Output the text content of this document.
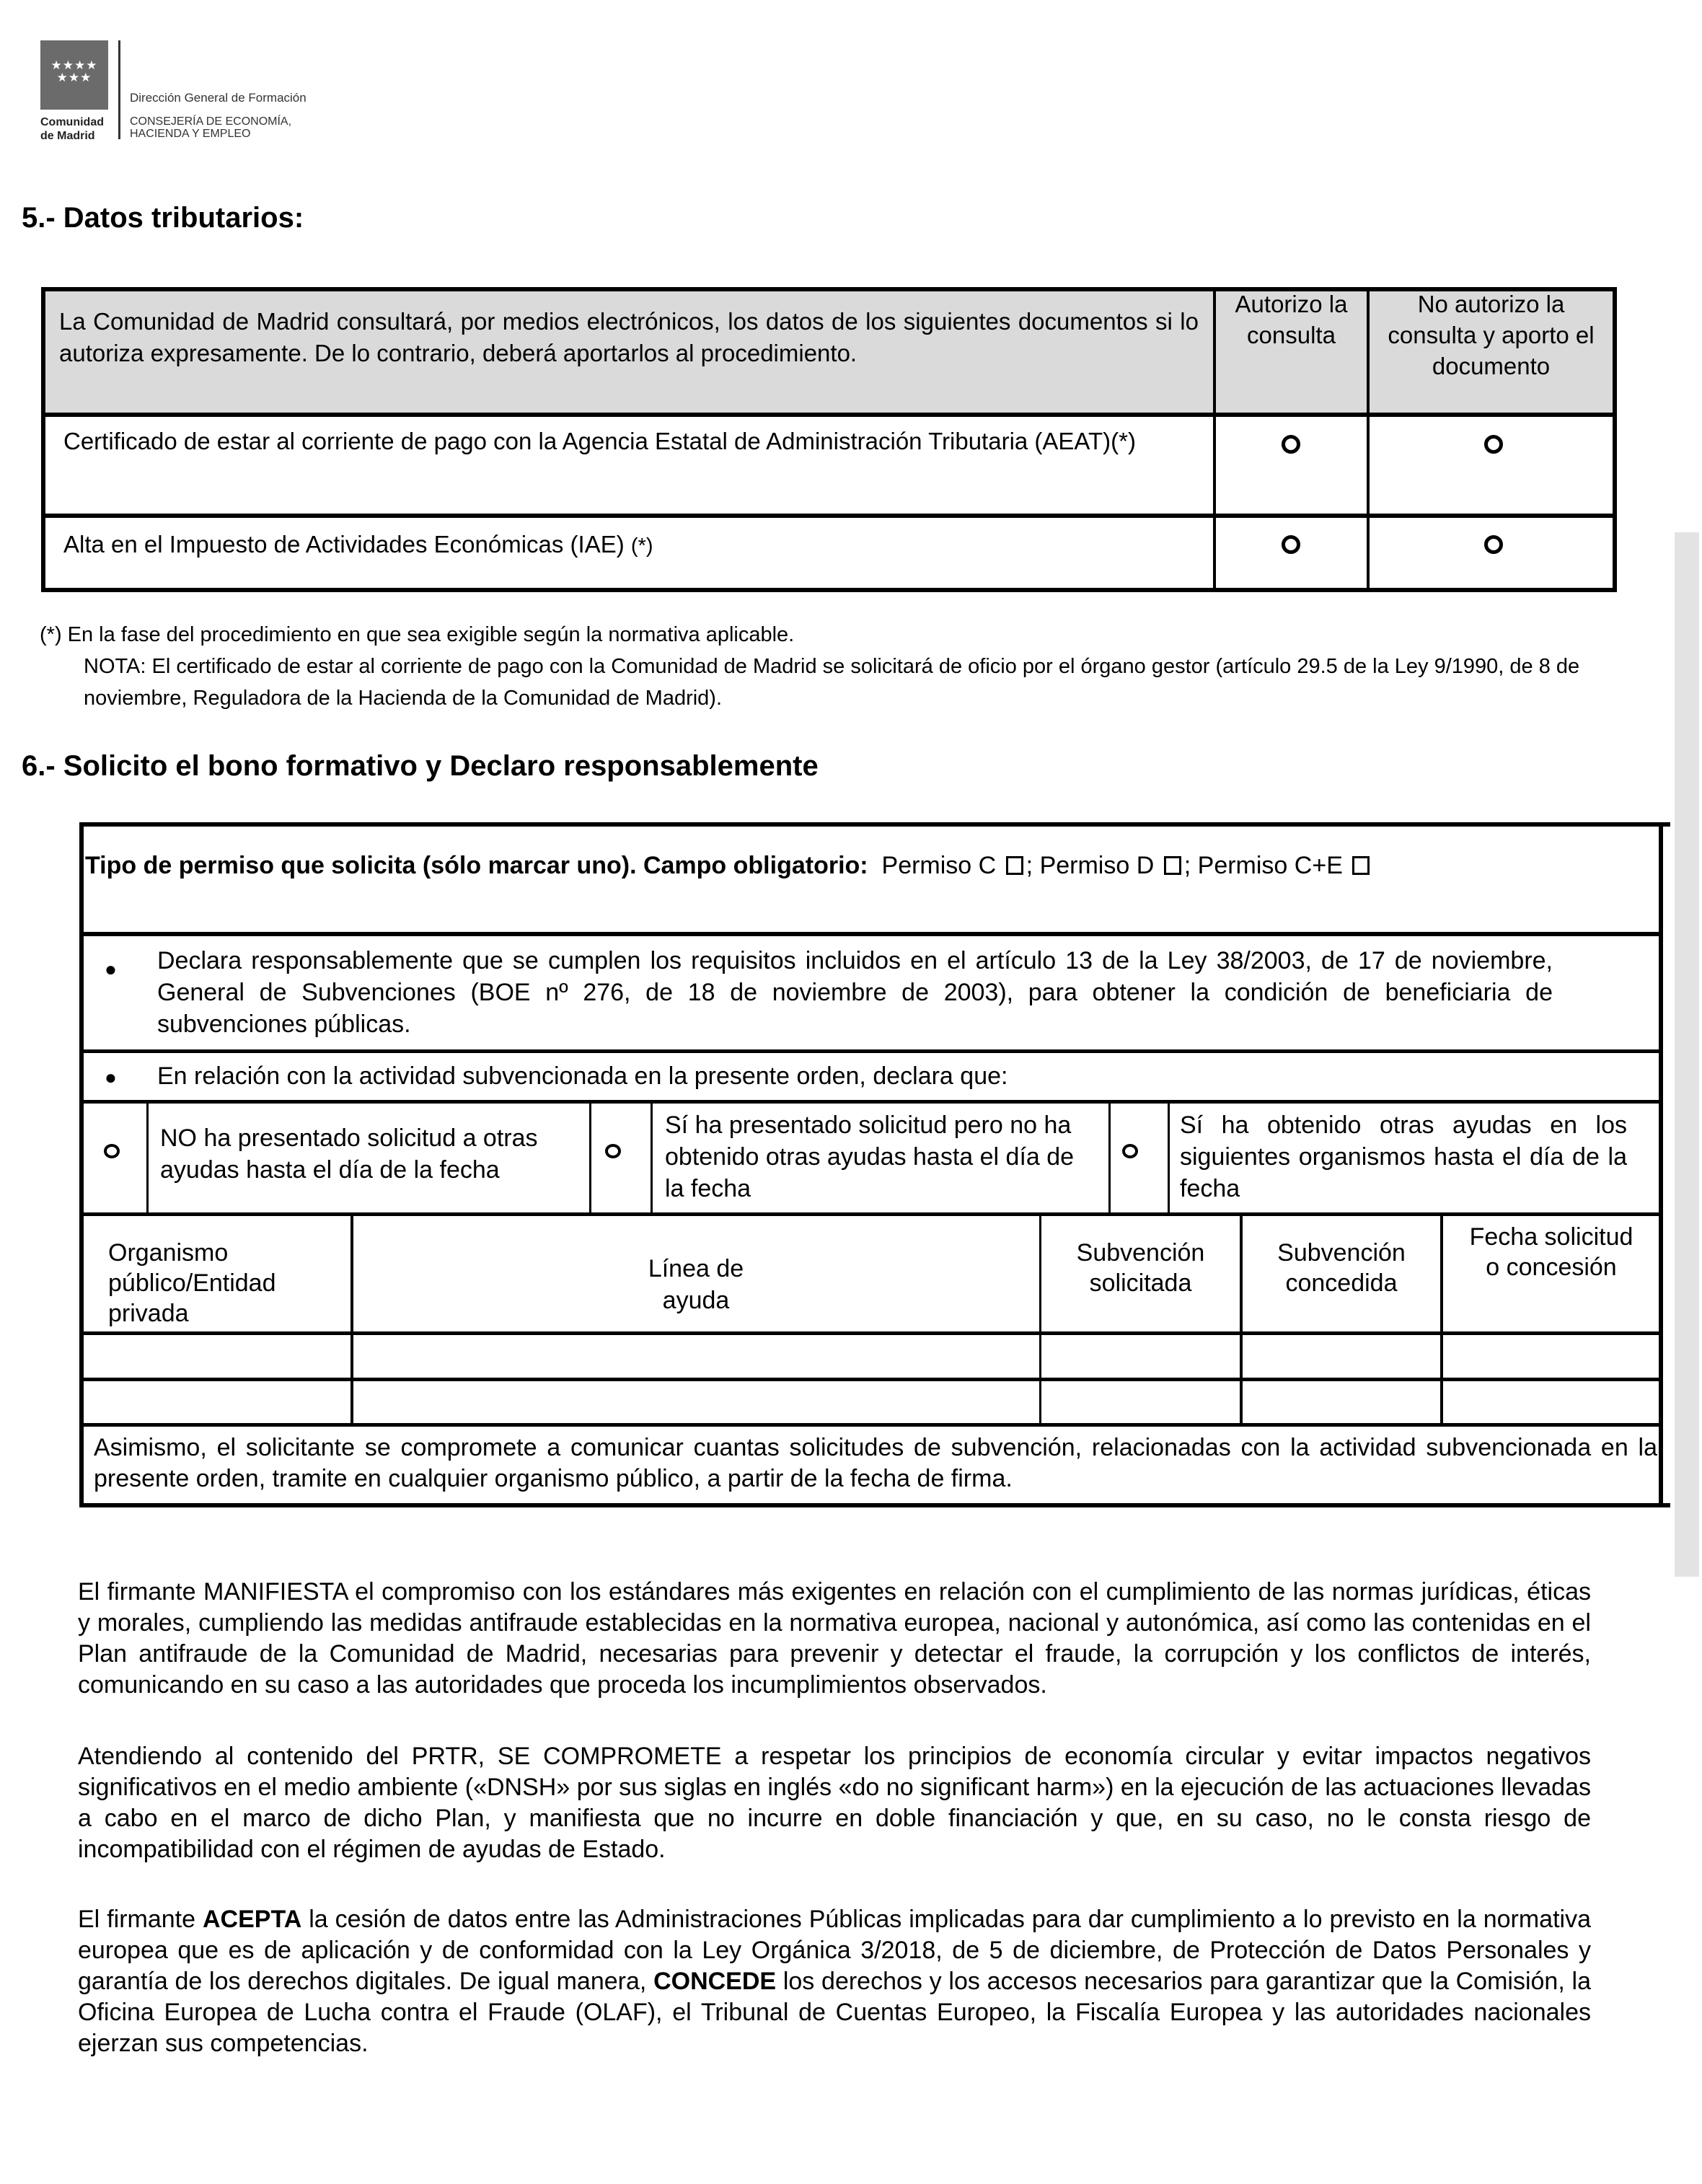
★★★★
★★★
Comunidad
de Madrid
Dirección General de Formación
CONSEJERÍA DE ECONOMÍA,
HACIENDA Y EMPLEO
5.- Datos tributarios:
La Comunidad de Madrid consultará, por medios electrónicos, los datos de los siguientes documentos si lo autoriza expresamente. De lo contrario, deberá aportarlos al procedimiento.
Autorizo la consulta
No autorizo la consulta y aporto el documento
Certificado de estar al corriente de pago con la Agencia Estatal de Administración Tributaria (AEAT)(*)
Alta en el Impuesto de Actividades Económicas (IAE) (*)
(*) En la fase del procedimiento en que sea exigible según la normativa aplicable.
NOTA: El certificado de estar al corriente de pago con la Comunidad de Madrid se solicitará de oficio por el órgano gestor (artículo 29.5 de la Ley 9/1990, de 8 de noviembre, Reguladora de la Hacienda de la Comunidad de Madrid).
6.- Solicito el bono formativo y Declaro responsablemente
Tipo de permiso que solicita (sólo marcar uno). Campo obligatorio: Permiso C ; Permiso D ; Permiso C+E
● Declara responsablemente que se cumplen los requisitos incluidos en el artículo 13 de la Ley 38/2003, de 17 de noviembre, General de Subvenciones (BOE nº 276, de 18 de noviembre de 2003), para obtener la condición de beneficiaria de subvenciones públicas.
● En relación con la actividad subvencionada en la presente orden, declara que:
NO ha presentado solicitud a otras ayudas hasta el día de la fecha
Sí ha presentado solicitud pero no ha obtenido otras ayudas hasta el día de la fecha
Sí ha obtenido otras ayudas en los siguientes organismos hasta el día de la fecha
Organismo público/Entidad privada
Línea de ayuda
Subvención solicitada
Subvención concedida
Fecha solicitud o concesión
Asimismo, el solicitante se compromete a comunicar cuantas solicitudes de subvención, relacionadas con la actividad subvencionada en la presente orden, tramite en cualquier organismo público, a partir de la fecha de firma.
El firmante MANIFIESTA el compromiso con los estándares más exigentes en relación con el cumplimiento de las normas jurídicas, éticas y morales, cumpliendo las medidas antifraude establecidas en la normativa europea, nacional y autonómica, así como las contenidas en el Plan antifraude de la Comunidad de Madrid, necesarias para prevenir y detectar el fraude, la corrupción y los conflictos de interés, comunicando en su caso a las autoridades que proceda los incumplimientos observados.
Atendiendo al contenido del PRTR, SE COMPROMETE a respetar los principios de economía circular y evitar impactos negativos significativos en el medio ambiente («DNSH» por sus siglas en inglés «do no significant harm») en la ejecución de las actuaciones llevadas a cabo en el marco de dicho Plan, y manifiesta que no incurre en doble financiación y que, en su caso, no le consta riesgo de incompatibilidad con el régimen de ayudas de Estado.
El firmante ACEPTA la cesión de datos entre las Administraciones Públicas implicadas para dar cumplimiento a lo previsto en la normativa europea que es de aplicación y de conformidad con la Ley Orgánica 3/2018, de 5 de diciembre, de Protección de Datos Personales y garantía de los derechos digitales. De igual manera, CONCEDE los derechos y los accesos necesarios para garantizar que la Comisión, la Oficina Europea de Lucha contra el Fraude (OLAF), el Tribunal de Cuentas Europeo, la Fiscalía Europea y las autoridades nacionales ejerzan sus competencias.
